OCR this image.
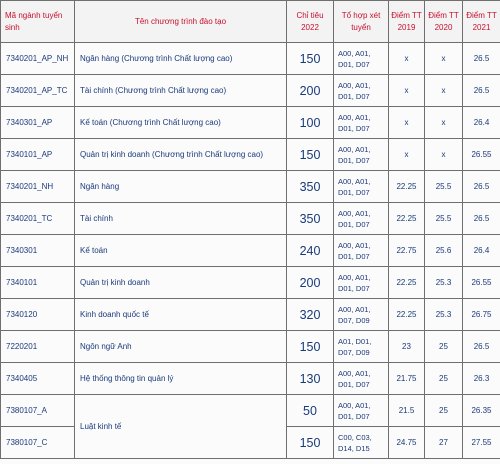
Mã ngành tuyển sinh	Tên chương trình đào tạo	Chỉ tiêu 2022	Tổ hợp xét tuyển	Điểm TT 2019	Điểm TT 2020	Điểm TT 2021
7340201_AP_NH	Ngân hàng (Chương trình Chất lượng cao)	150	A00, A01, D01, D07	x	x	26.5
7340201_AP_TC	Tài chính (Chương trình Chất lượng cao)	200	A00, A01, D01, D07	x	x	26.5
7340301_AP	Kế toán (Chương trình Chất lượng cao)	100	A00, A01, D01, D07	x	x	26.4
7340101_AP	Quản trị kinh doanh (Chương trình Chất lượng cao)	150	A00, A01, D01, D07	x	x	26.55
7340201_NH	Ngân hàng	350	A00, A01, D01, D07	22.25	25.5	26.5
7340201_TC	Tài chính	350	A00, A01, D01, D07	22.25	25.5	26.5
7340301	Kế toán	240	A00, A01, D01, D07	22.75	25.6	26.4
7340101	Quản trị kinh doanh	200	A00, A01, D01, D07	22.25	25.3	26.55
7340120	Kinh doanh quốc tế	320	A00, A01, D07, D09	22.25	25.3	26.75
7220201	Ngôn ngữ Anh	150	A01, D01, D07, D09	23	25	26.5
7340405	Hệ thống thông tin quản lý	130	A00, A01, D01, D07	21.75	25	26.3
7380107_A	Luật kinh tế	50	A00, A01, D01, D07	21.5	25	26.35
7380107_C		150	C00, C03, D14, D15	24.75	27	27.55
